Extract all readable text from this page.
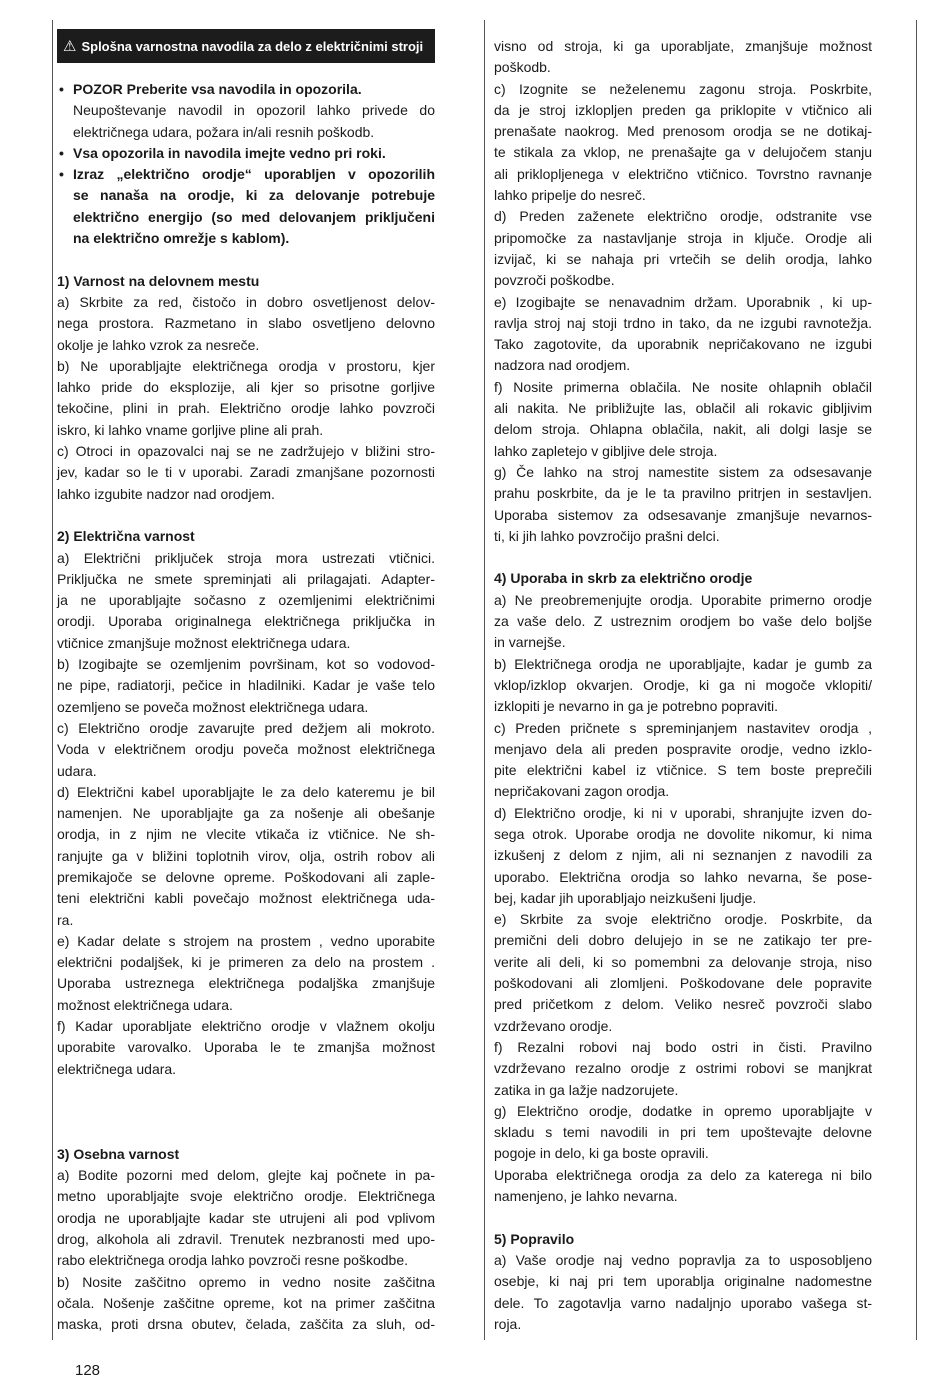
⚠ Splošna varnostna navodila za delo z električnimi stroji
• POZOR Preberite vsa navodila in opozorila.
Neupoštevanje navodil in opozoril lahko privede do
električnega udara, požara in/ali resnih poškodb.
• Vsa opozorila in navodila imejte vedno pri roki.
• Izraz „električno orodje“ uporabljen v opozorilih
se nanaša na orodje, ki za delovanje potrebuje
električno energijo (so med delovanjem priključeni
na električno omrežje s kablom).
1) Varnost na delovnem mestu
a) Skrbite za red, čistočo in dobro osvetljenost delov-
nega prostora. Razmetano in slabo osvetljeno delovno
okolje je lahko vzrok za nesreče.
b) Ne uporabljajte električnega orodja v prostoru, kjer
lahko pride do eksplozije, ali kjer so prisotne gorljive
tekočine, plini in prah. Električno orodje lahko povzroči
iskro, ki lahko vname gorljive pline ali prah.
c) Otroci in opazovalci naj se ne zadržujejo v bližini stro-
jev, kadar so le ti v uporabi. Zaradi zmanjšane pozornosti
lahko izgubite nadzor nad orodjem.
2) Električna varnost
a) Električni priključek stroja mora ustrezati vtičnici.
Priključka ne smete spreminjati ali prilagajati. Adapter-
ja ne uporabljajte sočasno z ozemljenimi električnimi
orodji. Uporaba originalnega električnega priključka in
vtičnice zmanjšuje možnost električnega udara.
b) Izogibajte se ozemljenim površinam, kot so vodovod-
ne pipe, radiatorji, pečice in hladilniki. Kadar je vaše telo
ozemljeno se poveča možnost električnega udara.
c) Električno orodje zavarujte pred dežjem ali mokroto.
Voda v električnem orodju poveča možnost električnega
udara.
d) Električni kabel uporabljajte le za delo kateremu je bil
namenjen. Ne uporabljajte ga za nošenje ali obešanje
orodja, in z njim ne vlecite vtikača iz vtičnice. Ne sh-
ranjujte ga v bližini toplotnih virov, olja, ostrih robov ali
premikajoče se delovne opreme. Poškodovani ali zaple-
teni električni kabli povečajo možnost električnega uda-
ra.
e) Kadar delate s strojem na prostem , vedno uporabite
električni podaljšek, ki je primeren za delo na prostem .
Uporaba ustreznega električnega podaljška zmanjšuje
možnost električnega udara.
f) Kadar uporabljate električno orodje v vlažnem okolju
uporabite varovalko. Uporaba le te zmanjša možnost
električnega udara.
3) Osebna varnost
a) Bodite pozorni med delom, glejte kaj počnete in pa-
metno uporabljajte svoje električno orodje. Električnega
orodja ne uporabljajte kadar ste utrujeni ali pod vplivom
drog, alkohola ali zdravil. Trenutek nezbranosti med upo-
rabo električnega orodja lahko povzroči resne poškodbe.
b) Nosite zaščitno opremo in vedno nosite zaščitna
očala. Nošenje zaščitne opreme, kot na primer zaščitna
maska, proti drsna obutev, čelada, zaščita za sluh, od-
visno od stroja, ki ga uporabljate, zmanjšuje možnost
poškodb.
c) Izognite se neželenemu zagonu stroja. Poskrbite,
da je stroj izklopljen preden ga priklopite v vtičnico ali
prenašate naokrog. Med prenosom orodja se ne dotikaj-
te stikala za vklop, ne prenašajte ga v delujočem stanju
ali priklopljenega v električno vtičnico. Tovrstno ravnanje
lahko pripelje do nesreč.
d) Preden zaženete električno orodje, odstranite vse
pripomočke za nastavljanje stroja in ključe. Orodje ali
izvijač, ki se nahaja pri vrtečih se delih orodja, lahko
povzroči poškodbe.
e) Izogibajte se nenavadnim držam. Uporabnik , ki up-
ravlja stroj naj stoji trdno in tako, da ne izgubi ravnotežja.
Tako zagotovite, da uporabnik nepričakovano ne izgubi
nadzora nad orodjem.
f) Nosite primerna oblačila. Ne nosite ohlapnih oblačil
ali nakita. Ne približujte las, oblačil ali rokavic gibljivim
delom stroja. Ohlapna oblačila, nakit, ali dolgi lasje se
lahko zapletejo v gibljive dele stroja.
g) Če lahko na stroj namestite sistem za odsesavanje
prahu poskrbite, da je le ta pravilno pritrjen in sestavljen.
Uporaba sistemov za odsesavanje zmanjšuje nevarnos-
ti, ki jih lahko povzročijo prašni delci.
4) Uporaba in skrb za električno orodje
a) Ne preobremenjujte orodja. Uporabite primerno orodje
za vaše delo. Z ustreznim orodjem bo vaše delo boljše
in varnejše.
b) Električnega orodja ne uporabljajte, kadar je gumb za
vklop/izklop okvarjen. Orodje, ki ga ni mogoče vklopiti/
izklopiti je nevarno in ga je potrebno popraviti.
c) Preden pričnete s spreminjanjem nastavitev orodja ,
menjavo dela ali preden pospravite orodje, vedno izklo-
pite električni kabel iz vtičnice. S tem boste preprečili
nepričakovani zagon orodja.
d) Električno orodje, ki ni v uporabi, shranjujte izven do-
sega otrok. Uporabe orodja ne dovolite nikomur, ki nima
izkušenj z delom z njim, ali ni seznanjen z navodili za
uporabo. Električna orodja so lahko nevarna, še pose-
bej, kadar jih uporabljajo neizkušeni ljudje.
e) Skrbite za svoje električno orodje. Poskrbite, da
premični deli dobro delujejo in se ne zatikajo ter pre-
verite ali deli, ki so pomembni za delovanje stroja, niso
poškodovani ali zlomljeni. Poškodovane dele popravite
pred pričetkom z delom. Veliko nesreč povzroči slabo
vzdrževano orodje.
f) Rezalni robovi naj bodo ostri in čisti. Pravilno
vzdrževano rezalno orodje z ostrimi robovi se manjkrat
zatika in ga lažje nadzorujete.
g) Električno orodje, dodatke in opremo uporabljajte v
skladu s temi navodili in pri tem upoštevajte delovne
pogoje in delo, ki ga boste opravili.
Uporaba električnega orodja za delo za katerega ni bilo
namenjeno, je lahko nevarna.
5) Popravilo
a) Vaše orodje naj vedno popravlja za to usposobljeno
osebje, ki naj pri tem uporablja originalne nadomestne
dele. To zagotavlja varno nadaljnjo uporabo vašega st-
roja.
128
